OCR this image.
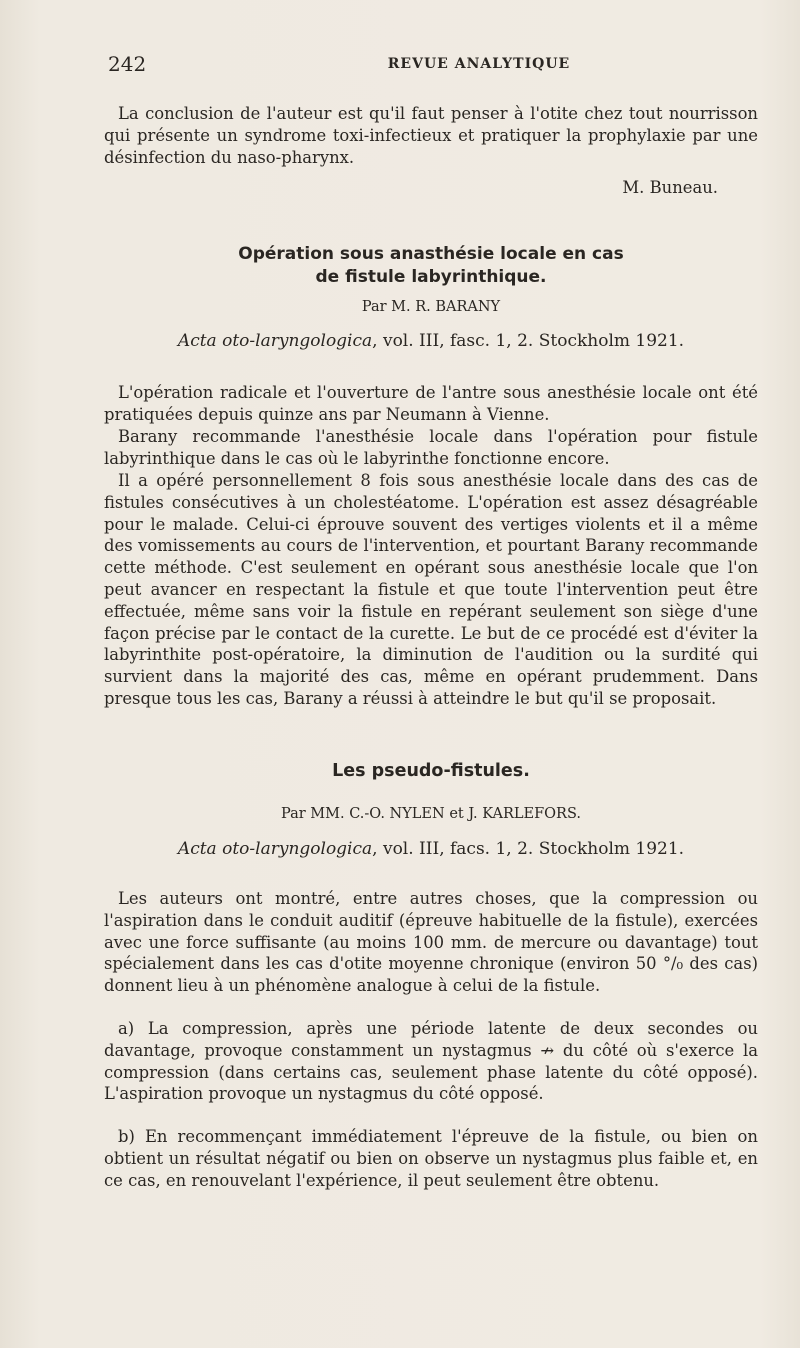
242	REVUE ANALYTIQUE

La conclusion de l'auteur est qu'il faut penser à l'otite chez tout nourrisson qui présente un syndrome toxi-infectieux et pratiquer la prophylaxie par une désinfection du naso-pharynx.

M. Buneau.

Opération sous anasthésie locale en cas

de fistule labyrinthique.

Par M. R. BARANY

Acta oto-laryngologica, vol. III, fasc. 1, 2. Stockholm 1921.

L'opération radicale et l'ouverture de l'antre sous anesthésie locale ont été pratiquées depuis quinze ans par Neumann à Vienne.

Barany recommande l'anesthésie locale dans l'opération pour fistule labyrinthique dans le cas où le labyrinthe fonctionne encore.

Il a opéré personnellement 8 fois sous anesthésie locale dans des cas de fistules consécutives à un cholestéatome. L'opération est assez désagréable pour le malade. Celui-ci éprouve souvent des vertiges violents et il a même des vomissements au cours de l'intervention, et pourtant Barany recommande cette méthode. C'est seulement en opérant sous anesthésie locale que l'on peut avancer en respectant la fistule et que toute l'intervention peut être effectuée, même sans voir la fistule en repérant seulement son siège d'une façon précise par le contact de la curette. Le but de ce procédé est d'éviter la labyrinthite post-opératoire, la diminution de l'audition ou la surdité qui survient dans la majorité des cas, même en opérant prudemment. Dans presque tous les cas, Barany a réussi à atteindre le but qu'il se proposait.

Les pseudo-fistules.

Par MM. C.-O. NYLEN et J. KARLEFORS.

Acta oto-laryngologica, vol. III, facs. 1, 2. Stockholm 1921.

Les auteurs ont montré, entre autres choses, que la compression ou l'aspiration dans le conduit auditif (épreuve habituelle de la fistule), exercées avec une force suffisante (au moins 100 mm. de mercure ou davantage) tout spécialement dans les cas d'otite moyenne chronique (environ 50 °/₀ des cas) donnent lieu à un phénomène analogue à celui de la fistule.

a) La compression, après une période latente de deux secondes ou davantage, provoque constamment un nystagmus ↛ du côté où s'exerce la compression (dans certains cas, seulement phase latente du côté opposé). L'aspiration provoque un nystagmus du côté opposé.

b) En recommençant immédiatement l'épreuve de la fistule, ou bien on obtient un résultat négatif ou bien on observe un nystagmus plus faible et, en ce cas, en renouvelant l'expérience, il peut seulement être obtenu.
